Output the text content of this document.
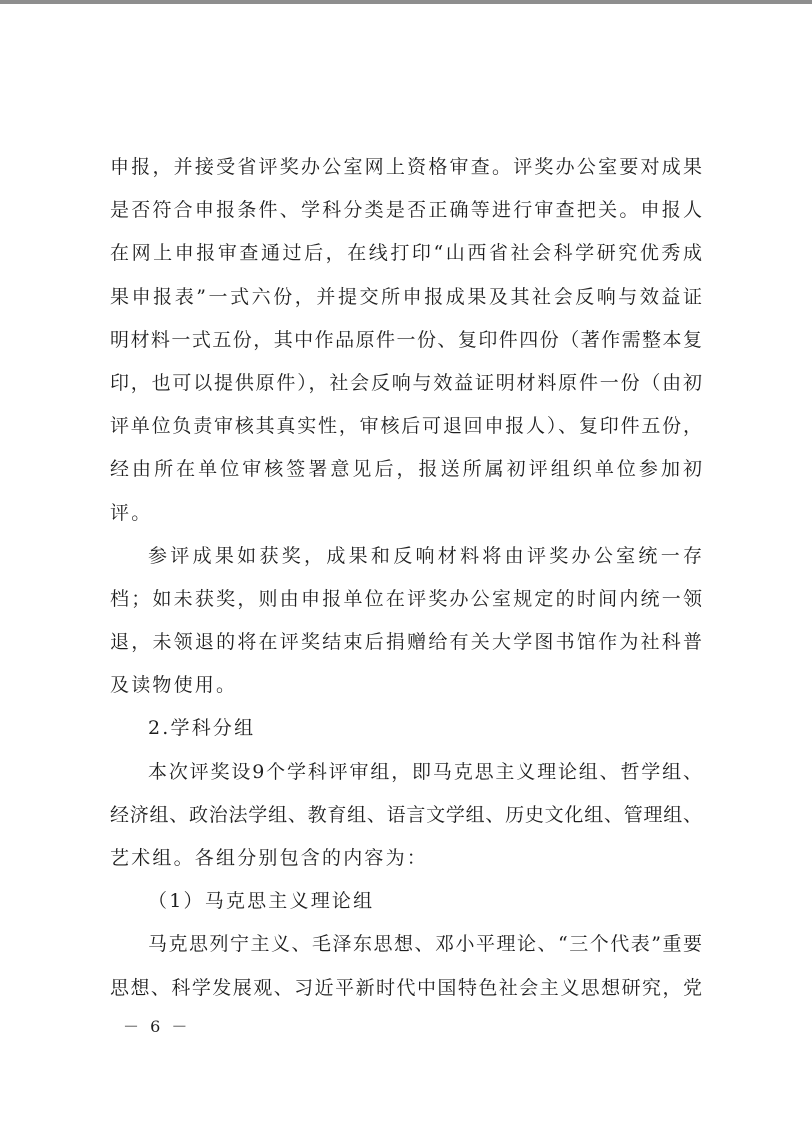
申报，并接受省评奖办公室网上资格审查。评奖办公室要对成果
是否符合申报条件、学科分类是否正确等进行审查把关。申报人
在网上申报审查通过后，在线打印“山西省社会科学研究优秀成
果申报表”一式六份，并提交所申报成果及其社会反响与效益证
明材料一式五份，其中作品原件一份、复印件四份（著作需整本复
印，也可以提供原件），社会反响与效益证明材料原件一份（由初
评单位负责审核其真实性，审核后可退回申报人）、复印件五份，
经由所在单位审核签署意见后，报送所属初评组织单位参加初
评。
参评成果如获奖，成果和反响材料将由评奖办公室统一存
档；如未获奖，则由申报单位在评奖办公室规定的时间内统一领
退，未领退的将在评奖结束后捐赠给有关大学图书馆作为社科普
及读物使用。
2.学科分组
本次评奖设9个学科评审组，即马克思主义理论组、哲学组、
经济组、政治法学组、教育组、语言文学组、历史文化组、管理组、
艺术组。各组分别包含的内容为：
（1）马克思主义理论组
马克思列宁主义、毛泽东思想、邓小平理论、“三个代表”重要
思想、科学发展观、习近平新时代中国特色社会主义思想研究，党
－ 6 －
